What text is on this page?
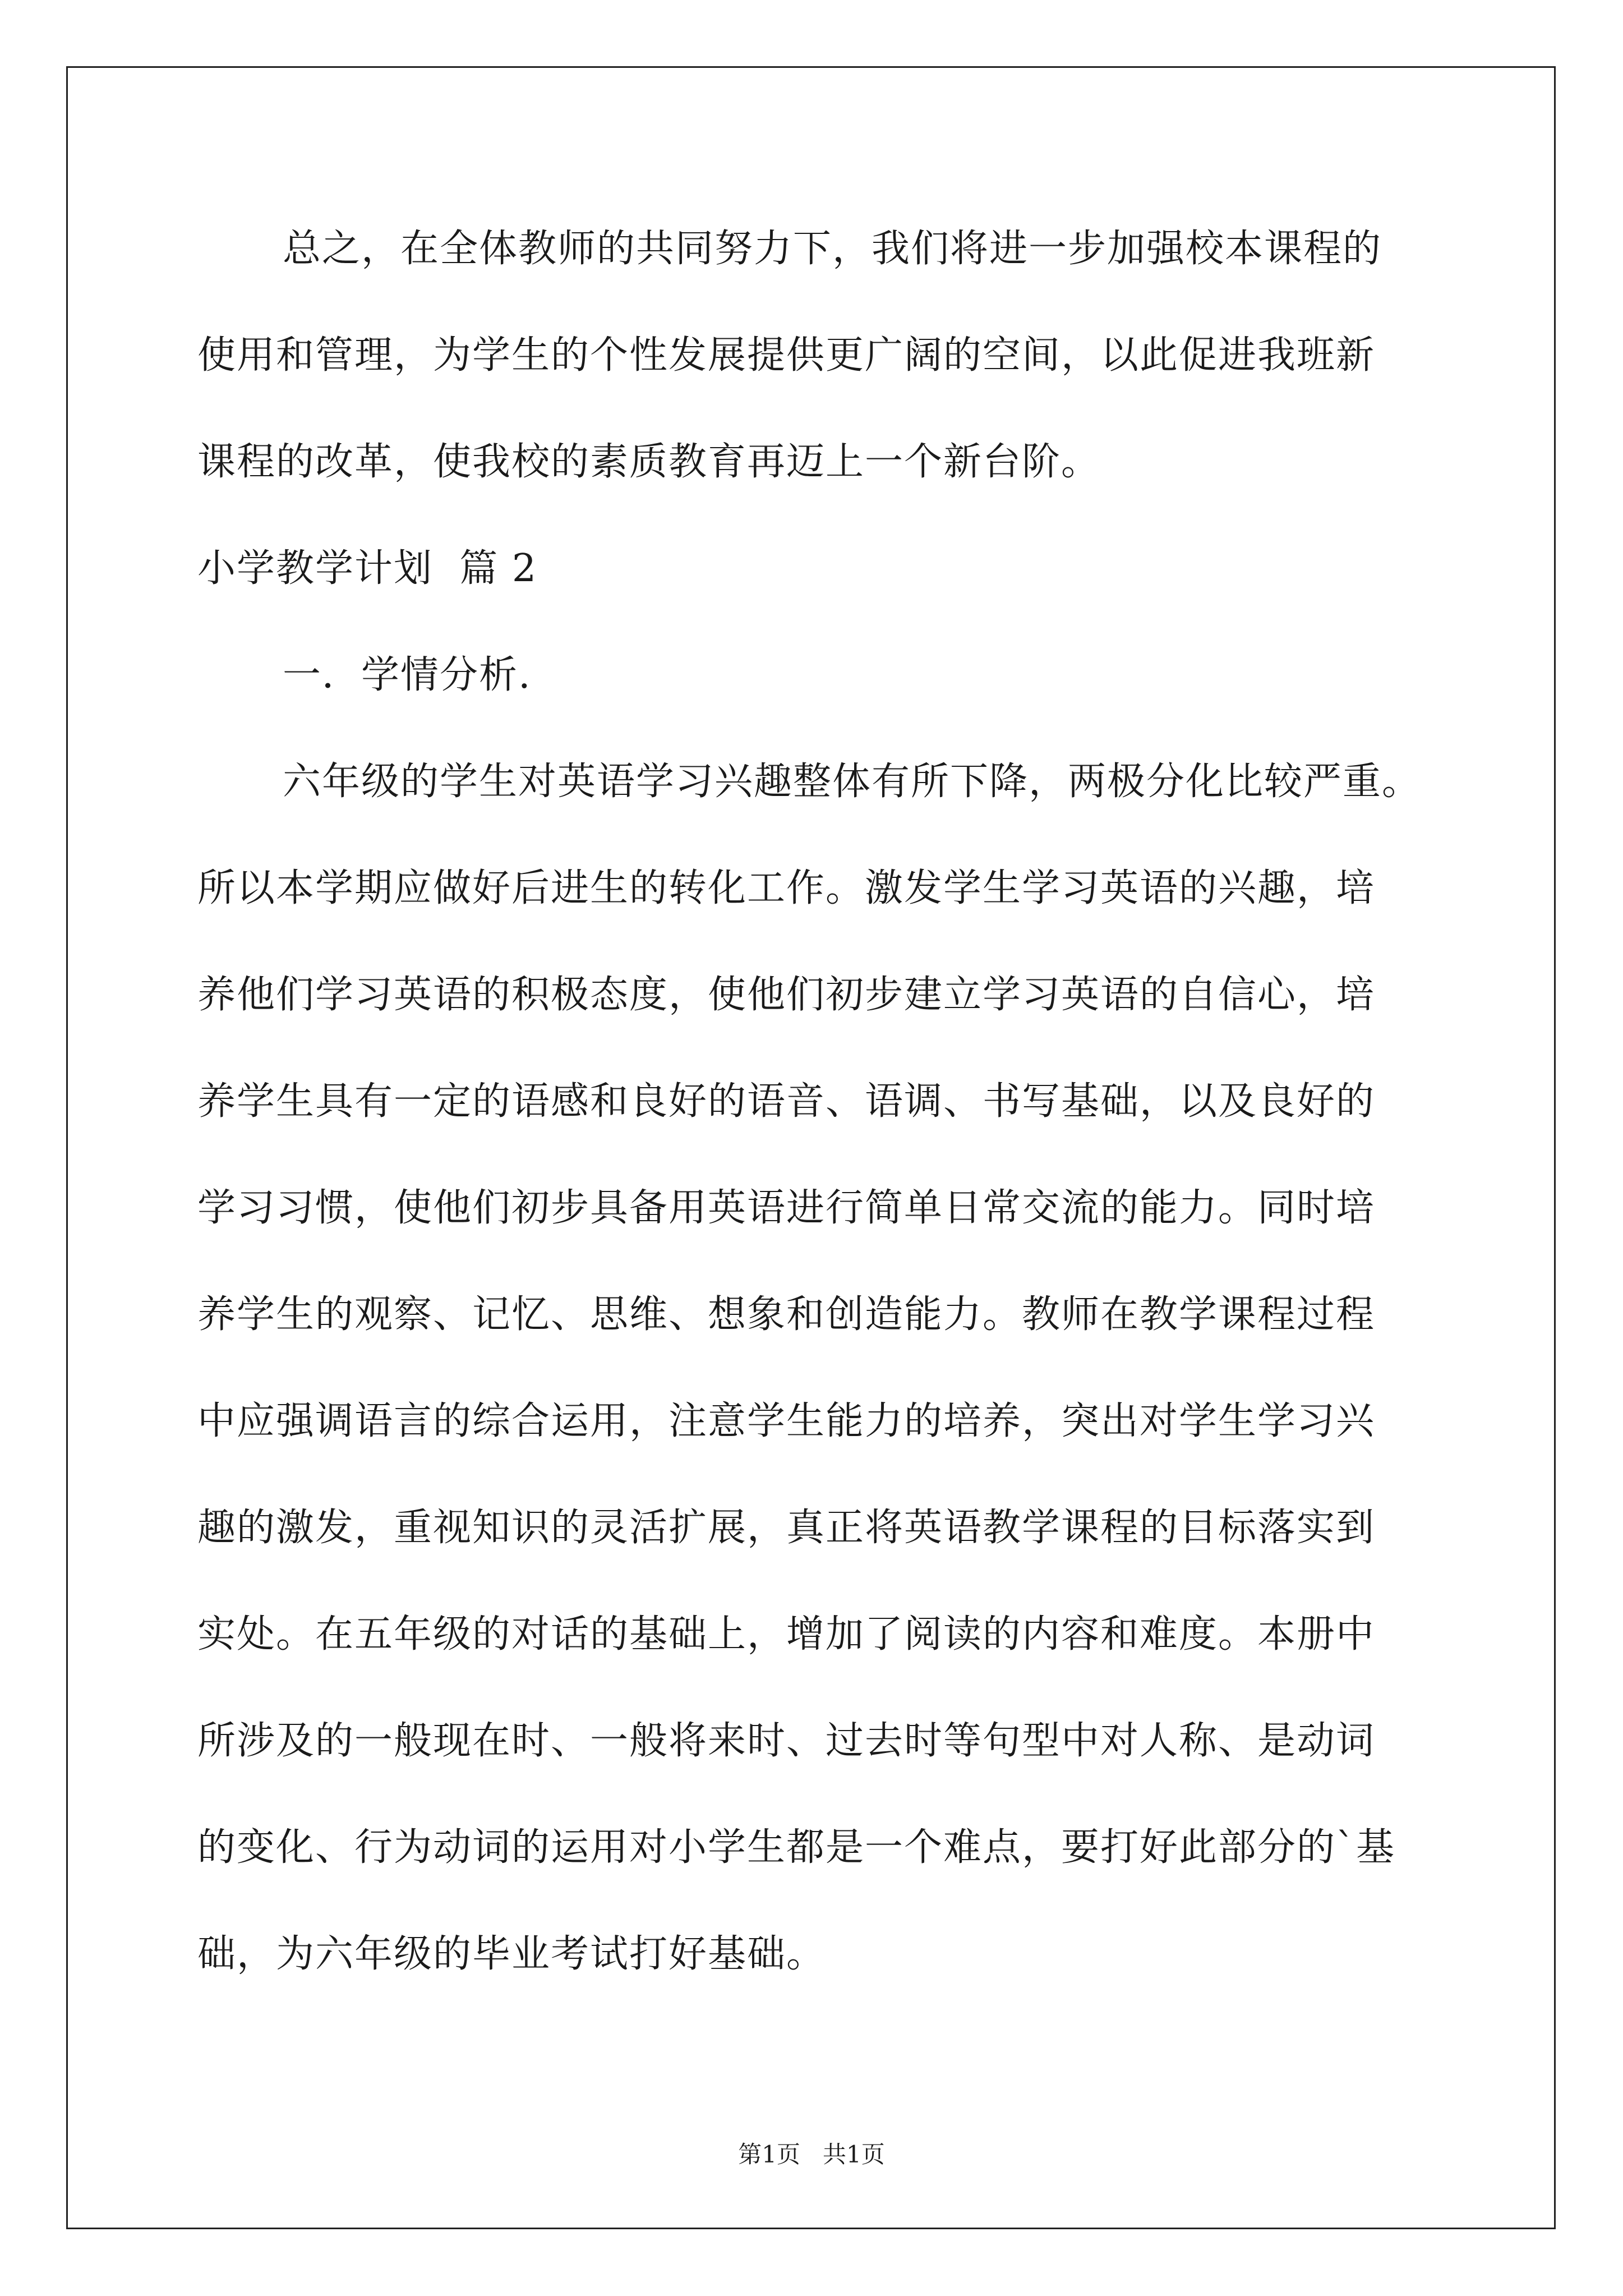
总之，在全体教师的共同努力下，我们将进一步加强校本课程的
使用和管理，为学生的个性发展提供更广阔的空间，以此促进我班新
课程的改革，使我校的素质教育再迈上一个新台阶。
小学教学计划  篇 2
一．学情分析.
六年级的学生对英语学习兴趣整体有所下降，两极分化比较严重。
所以本学期应做好后进生的转化工作。激发学生学习英语的兴趣，培
养他们学习英语的积极态度，使他们初步建立学习英语的自信心，培
养学生具有一定的语感和良好的语音、语调、书写基础，以及良好的
学习习惯，使他们初步具备用英语进行简单日常交流的能力。同时培
养学生的观察、记忆、思维、想象和创造能力。教师在教学课程过程
中应强调语言的综合运用，注意学生能力的培养，突出对学生学习兴
趣的激发，重视知识的灵活扩展，真正将英语教学课程的目标落实到
实处。在五年级的对话的基础上，增加了阅读的内容和难度。本册中
所涉及的一般现在时、一般将来时、过去时等句型中对人称、是动词
的变化、行为动词的运用对小学生都是一个难点，要打好此部分的`基
础，为六年级的毕业考试打好基础。
第1页   共1页
